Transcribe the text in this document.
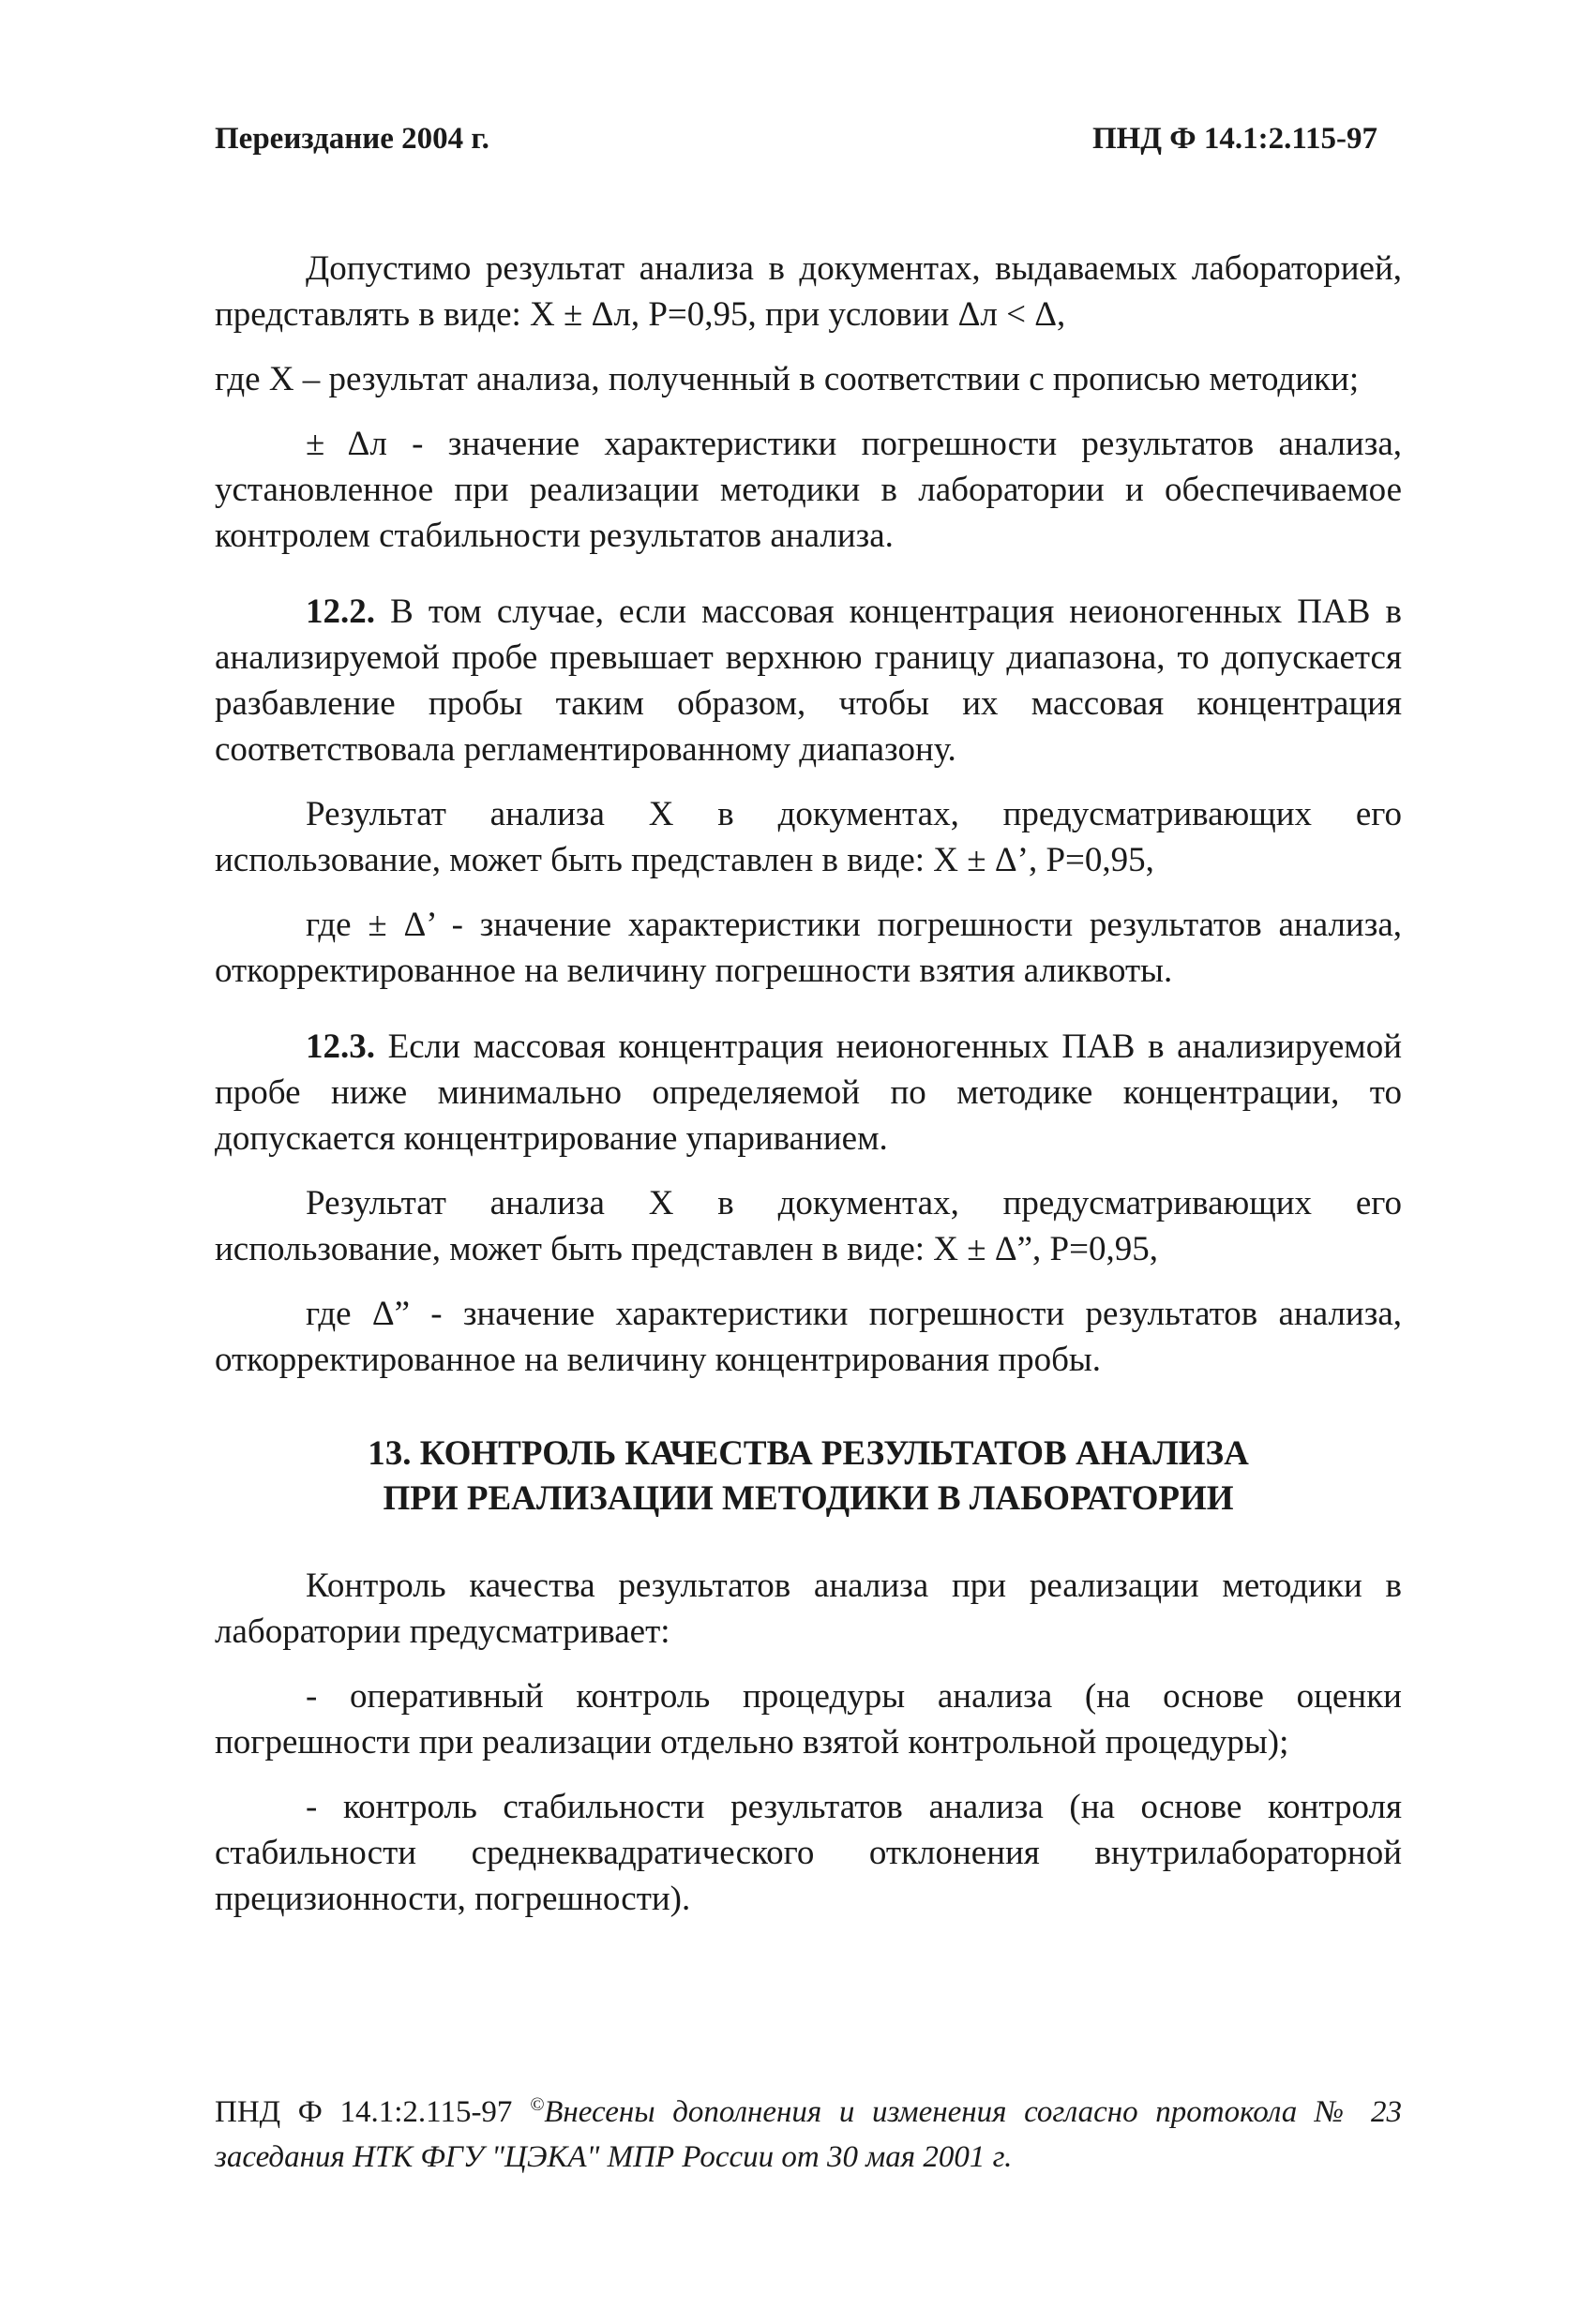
Переиздание 2004 г.	ПНД Ф 14.1:2.115-97

Допустимо результат анализа в документах, выдаваемых лабораторией, представлять в виде: X ± Δл, P=0,95, при условии Δл < Δ,

где X – результат анализа, полученный в соответствии с прописью методики;

± Δл - значение характеристики погрешности результатов анализа, установленное при реализации методики в лаборатории и обеспечиваемое контролем стабильности результатов анализа.

12.2. В том случае, если массовая концентрация неионогенных ПАВ в анализируемой пробе превышает верхнюю границу диапазона, то допускается разбавление пробы таким образом, чтобы их массовая концентрация соответствовала регламентированному диапазону.

Результат анализа X в документах, предусматривающих его использование, может быть представлен в виде: X ± Δ’, P=0,95,

где ± Δ’ - значение характеристики погрешности результатов анализа, откорректированное на величину погрешности взятия аликвоты.

12.3. Если массовая концентрация неионогенных ПАВ в анализируемой пробе ниже минимально определяемой по методике концентрации, то допускается концентрирование упариванием.

Результат анализа X в документах, предусматривающих его использование, может быть представлен в виде: X ± Δ”, P=0,95,

где Δ” - значение характеристики погрешности результатов анализа, откорректированное на величину концентрирования пробы.

13. КОНТРОЛЬ КАЧЕСТВА РЕЗУЛЬТАТОВ АНАЛИЗА
ПРИ РЕАЛИЗАЦИИ МЕТОДИКИ В ЛАБОРАТОРИИ

Контроль качества результатов анализа при реализации методики в лаборатории предусматривает:

- оперативный контроль процедуры анализа (на основе оценки погрешности при реализации отдельно взятой контрольной процедуры);

- контроль стабильности результатов анализа (на основе контроля стабильности среднеквадратического отклонения внутрилабораторной прецизионности, погрешности).

ПНД Ф 14.1:2.115-97 ©Внесены дополнения и изменения согласно протокола № 23 заседания НТК ФГУ "ЦЭКА" МПР России от 30 мая 2001 г.
